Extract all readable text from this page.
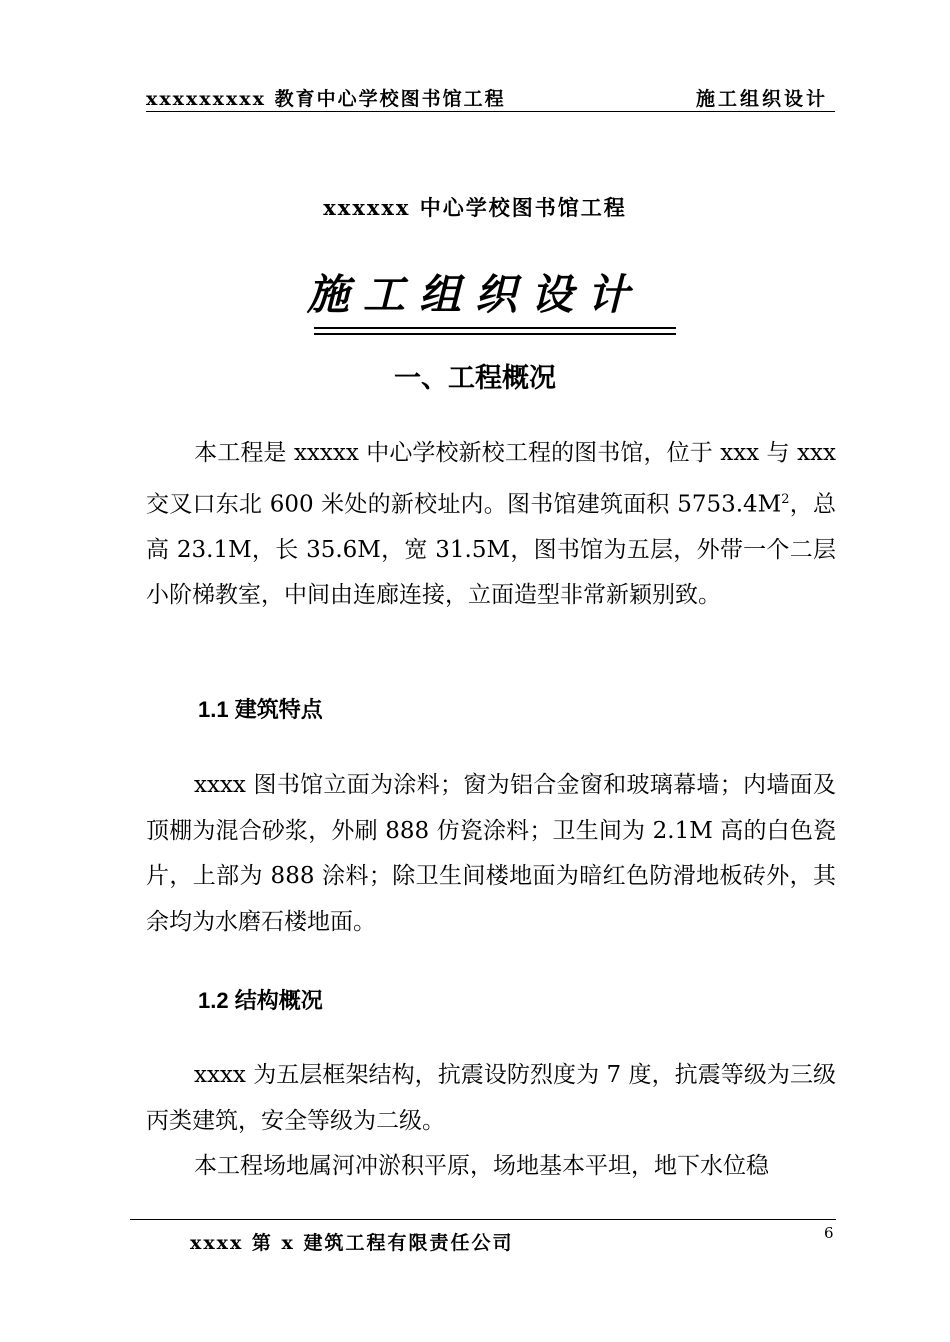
xxxxxxxxx 教育中心学校图书馆工程	施工组织设计
xxxxxx 中心学校图书馆工程
施工组织设计
一、工程概况
本工程是 xxxxx 中心学校新校工程的图书馆，位于 xxx 与 xxx 交叉口东北 600 米处的新校址内。图书馆建筑面积 $5753.4M^2$，总高 23.1M，长 35.6M，宽 31.5M，图书馆为五层，外带一个二层小阶梯教室，中间由连廊连接，立面造型非常新颖别致。
1.1 建筑特点
xxxx 图书馆立面为涂料；窗为铝合金窗和玻璃幕墙；内墙面及顶棚为混合砂浆，外刷 888 仿瓷涂料；卫生间为 2.1M 高的白色瓷片，上部为 888 涂料；除卫生间楼地面为暗红色防滑地板砖外，其余均为水磨石楼地面。
1.2 结构概况
xxxx 为五层框架结构，抗震设防烈度为 7 度，抗震等级为三级丙类建筑，安全等级为二级。
本工程场地属河冲淤积平原，场地基本平坦，地下水位稳
xxxx 第 x 建筑工程有限责任公司	6
